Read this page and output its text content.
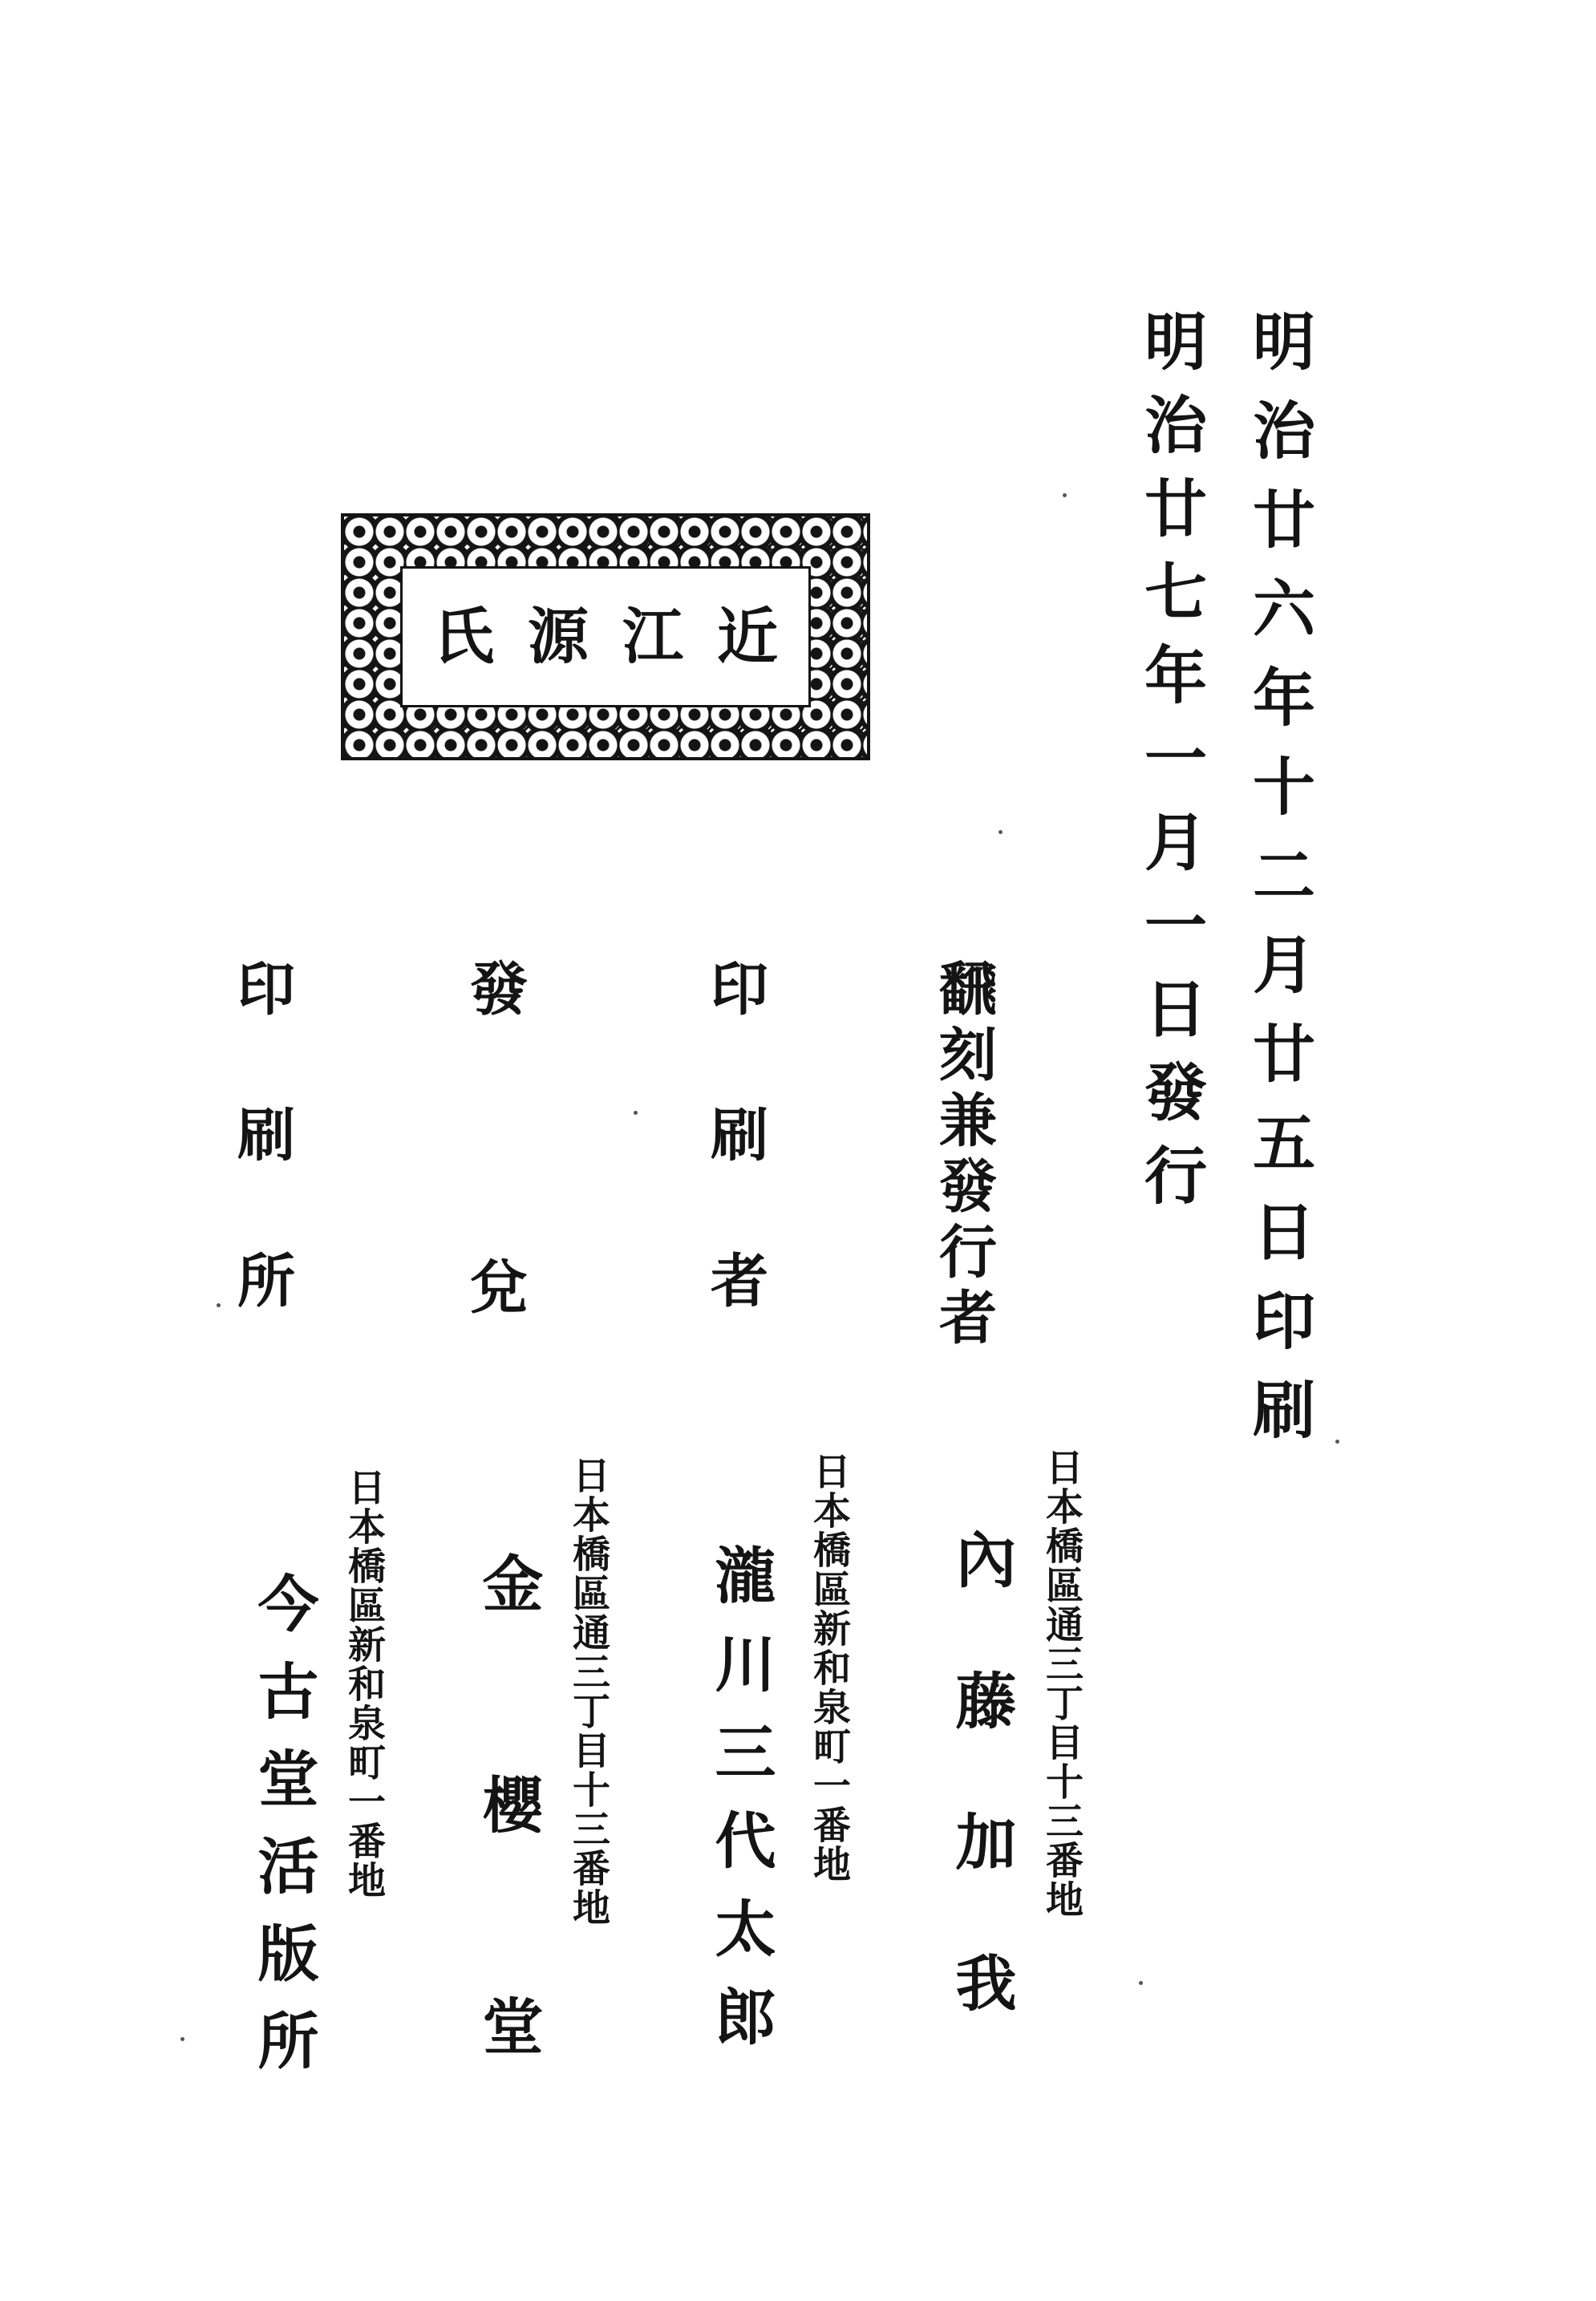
明治廿六年十二月廿五日印刷
明治廿七年一月一日發行
近江源氏
飜刻兼發行者
印刷者
發兌
印刷所
日本橋區通三丁目十三番地
日本橋區新和泉町一番地
日本橋區通三丁目十三番地
日本橋區新和泉町一番地	內藤加我
瀧川三代太郎
金櫻堂
今古堂活版所
